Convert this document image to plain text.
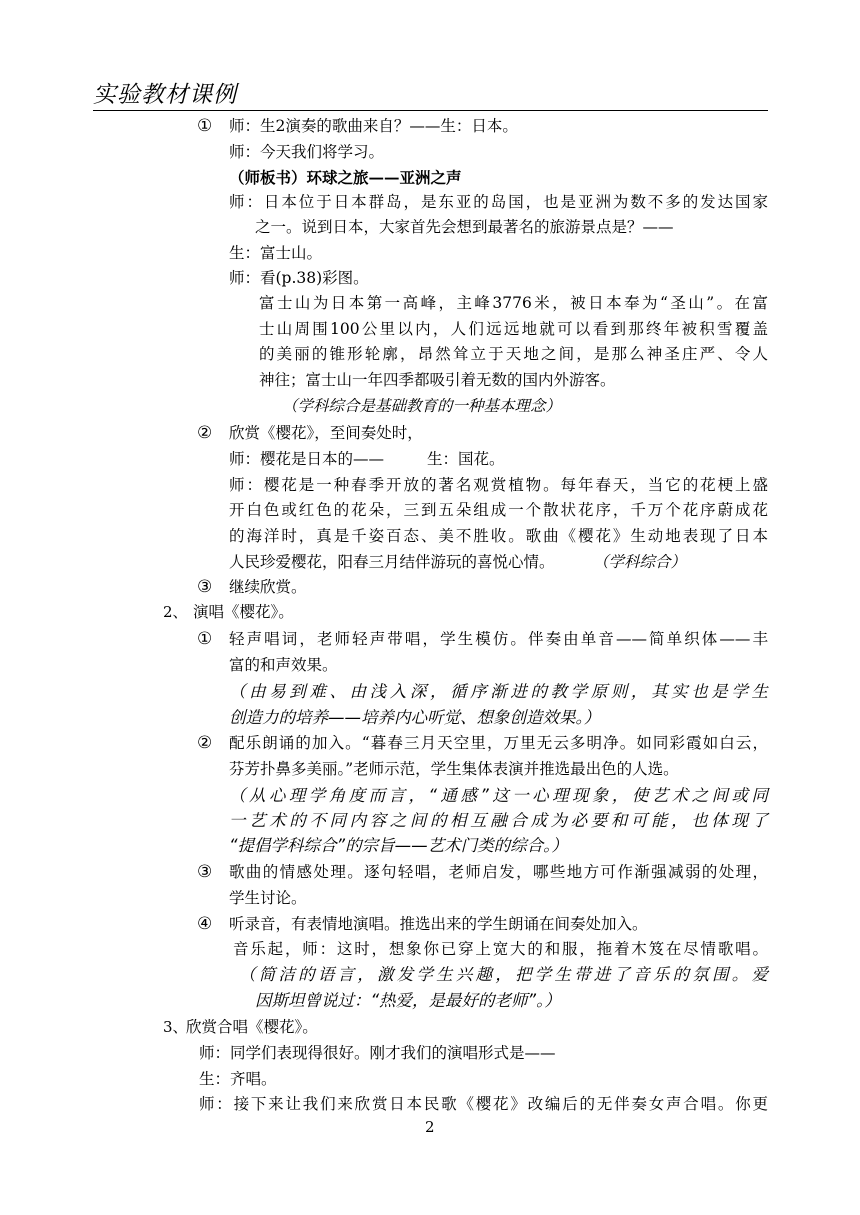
实验教材课例
① 师：生2演奏的歌曲来自？——生：日本。
师：今天我们将学习。
（师板书）环球之旅——亚洲之声
师：日本位于日本群岛，是东亚的岛国，也是亚洲为数不多的发达国家
之一。说到日本，大家首先会想到最著名的旅游景点是？——
生：富士山。
师：看(p.38)彩图。
富士山为日本第一高峰，主峰3776米，被日本奉为“圣山”。在富
士山周围100公里以内，人们远远地就可以看到那终年被积雪覆盖
的美丽的锥形轮廓，昂然耸立于天地之间，是那么神圣庄严、令人
神往；富士山一年四季都吸引着无数的国内外游客。
（学科综合是基础教育的一种基本理念）
② 欣赏《樱花》，至间奏处时，
师：樱花是日本的——	生：国花。
师：樱花是一种春季开放的著名观赏植物。每年春天，当它的花梗上盛
开白色或红色的花朵，三到五朵组成一个散状花序，千万个花序蔚成花
的海洋时，真是千姿百态、美不胜收。歌曲《樱花》生动地表现了日本
人民珍爱樱花，阳春三月结伴游玩的喜悦心情。 （学科综合）
③ 继续欣赏。
2、 演唱《樱花》。
① 轻声唱词，老师轻声带唱，学生模仿。伴奏由单音——简单织体——丰
富的和声效果。
（由易到难、由浅入深，循序渐进的教学原则，其实也是学生
创造力的培养——培养内心听觉、想象创造效果。）
② 配乐朗诵的加入。“暮春三月天空里，万里无云多明净。如同彩霞如白云，
芬芳扑鼻多美丽。”老师示范，学生集体表演并推选最出色的人选。
（从心理学角度而言，“通感”这一心理现象，使艺术之间或同
一艺术的不同内容之间的相互融合成为必要和可能，也体现了
“提倡学科综合”的宗旨——艺术门类的综合。）
③ 歌曲的情感处理。逐句轻唱，老师启发，哪些地方可作渐强减弱的处理，
学生讨论。
④ 听录音，有表情地演唱。推选出来的学生朗诵在间奏处加入。
音乐起，师：这时，想象你已穿上宽大的和服，拖着木笈在尽情歌唱。
（简洁的语言，激发学生兴趣，把学生带进了音乐的氛围。爱
因斯坦曾说过：“热爱，是最好的老师”。）
3、
欣赏合唱《樱花》。
师：同学们表现得很好。刚才我们的演唱形式是——
生：齐唱。
师：接下来让我们来欣赏日本民歌《樱花》改编后的无伴奏女声合唱。你更
2
